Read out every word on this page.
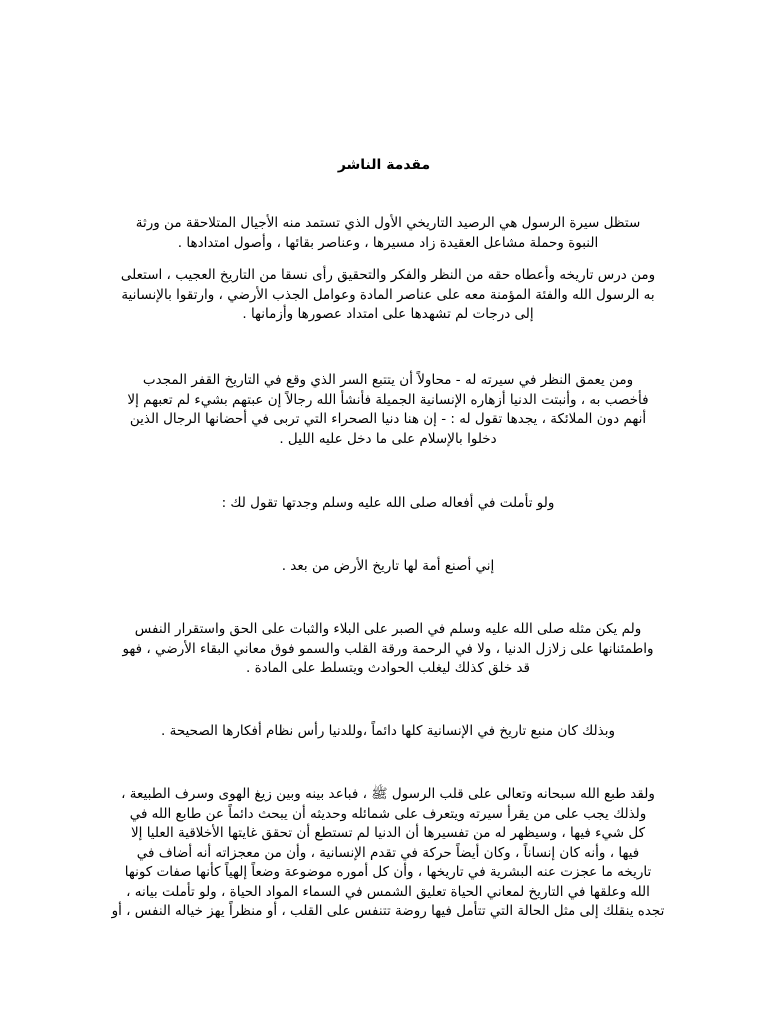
مقدمة الناشر
ستظل سيرة الرسول هي الرصيد التاريخي الأول الذي تستمد منه الأجيال المتلاحقة من ورثة
النبوة وحملة مشاعل العقيدة زاد مسيرها ، وعناصر بقائها ، وأصول امتدادها .
ومن درس تاريخه وأعطاه حقه من النظر والفكر والتحقيق رأى نسقا من التاريخ العجيب ، استعلى
به الرسول الله والفئة المؤمنة معه على عناصر المادة وعوامل الجذب الأرضي ، وارتقوا بالإنسانية
إلى درجات لم تشهدها على امتداد عصورها وأزمانها .
ومن يعمق النظر في سيرته له - محاولاً أن يتتبع السر الذي وقع في التاريخ القفر المجدب
فأخصب به ، وأنبتت الدنيا أزهاره الإنسانية الجميلة فأنشأ الله رجالاً إن عبتهم بشيء لم تعبهم إلا
أنهم دون الملائكة ، يجدها تقول له : - إن هنا دنيا الصحراء التي تربى في أحضانها الرجال الذين
دخلوا بالإسلام على ما دخل عليه الليل .
ولو تأملت في أفعاله صلى الله عليه وسلم وجدتها تقول لك :
إني أصنع أمة لها تاريخ الأرض من بعد .
ولم يكن مثله صلى الله عليه وسلم في الصبر على البلاء والثبات على الحق واستقرار النفس
واطمئنانها على زلازل الدنيا ، ولا في الرحمة ورقة القلب والسمو فوق معاني البقاء الأرضي ، فهو
قد خلق كذلك ليغلب الحوادث ويتسلط على المادة .
وبذلك كان منبع تاريخ في الإنسانية كلها دائماً ،وللدنيا رأس نظام أفكارها الصحيحة .
ولقد طبع الله سبحانه وتعالى على قلب الرسول ﷺ ، فباعد بينه وبين زيغ الهوى وسرف الطبيعة ،
ولذلك يجب على من يقرأ سيرته ويتعرف على شمائله وحديثه أن يبحث دائماً عن طابع الله في
كل شيء فيها ، وسيظهر له من تفسيرها أن الدنيا لم تستطع أن تحقق غايتها الأخلاقية العليا إلا
فيها ، وأنه كان إنساناً ، وكان أيضاً حركة في تقدم الإنسانية ، وأن من معجزاته أنه أضاف في
تاريخه ما عجزت عنه البشرية في تاريخها ، وأن كل أموره موضوعة وضعاً إلهياً كأنها صفات كونها
الله وعلقها في التاريخ لمعاني الحياة تعليق الشمس في السماء المواد الحياة ، ولو تأملت بيانه ،
تجده ينقلك إلى مثل الحالة التي تتأمل فيها روضة تتنفس على القلب ، أو منظراً يهز خياله النفس ، أو
